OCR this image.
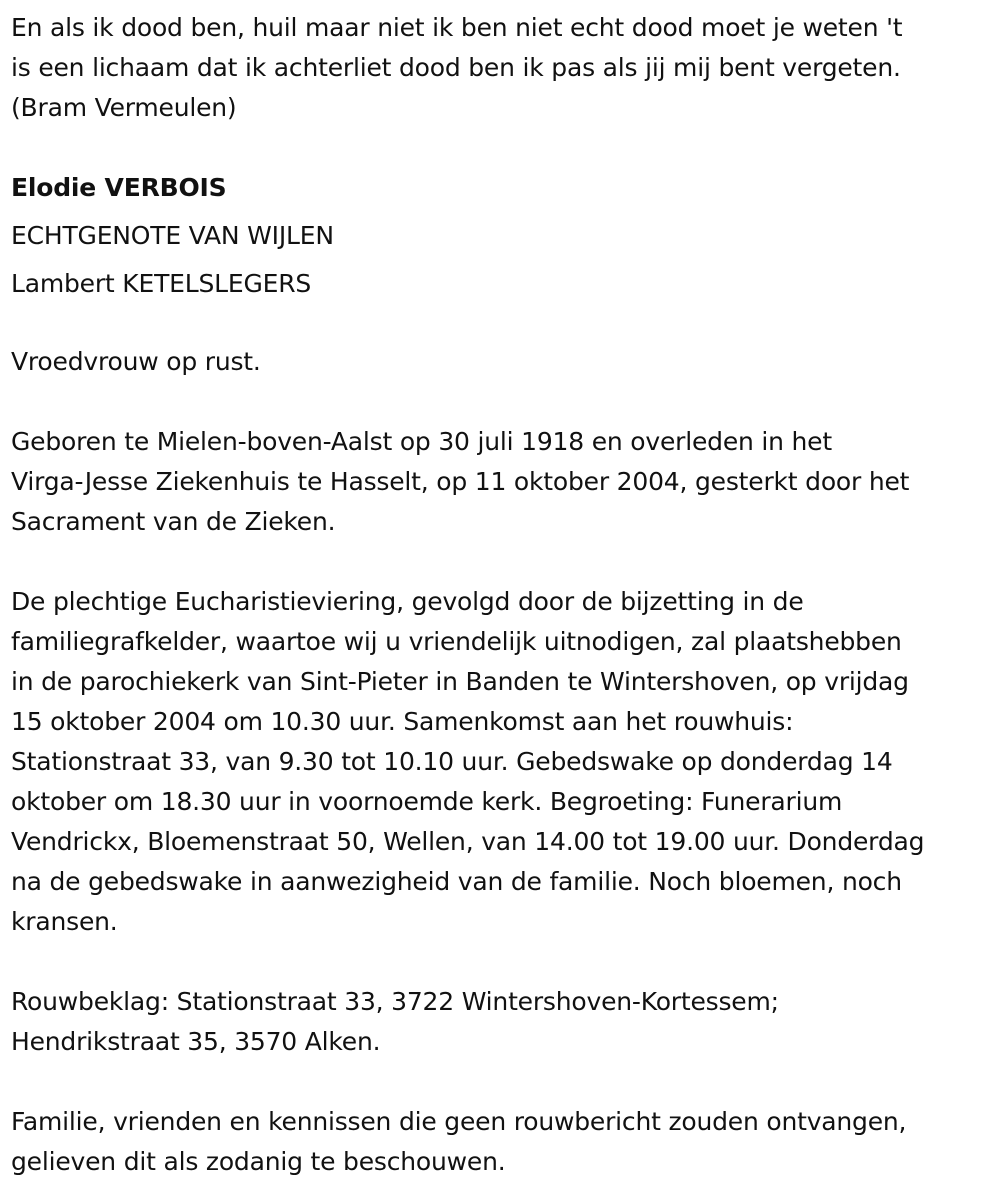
En als ik dood ben, huil maar niet ik ben niet echt dood moet je weten 't

is een lichaam dat ik achterliet dood ben ik pas als jij mij bent vergeten.

(Bram Vermeulen)

Elodie VERBOIS

ECHTGENOTE VAN WIJLEN

Lambert KETELSLEGERS

Vroedvrouw op rust.

Geboren te Mielen-boven-Aalst op 30 juli 1918 en overleden in het

Virga-Jesse Ziekenhuis te Hasselt, op 11 oktober 2004, gesterkt door het

Sacrament van de Zieken.

De plechtige Eucharistieviering, gevolgd door de bijzetting in de

familiegrafkelder, waartoe wij u vriendelijk uitnodigen, zal plaatshebben

in de parochiekerk van Sint-Pieter in Banden te Wintershoven, op vrijdag

15 oktober 2004 om 10.30 uur. Samenkomst aan het rouwhuis:

Stationstraat 33, van 9.30 tot 10.10 uur. Gebedswake op donderdag 14

oktober om 18.30 uur in voornoemde kerk. Begroeting: Funerarium

Vendrickx, Bloemenstraat 50, Wellen, van 14.00 tot 19.00 uur. Donderdag

na de gebedswake in aanwezigheid van de familie. Noch bloemen, noch

kransen.

Rouwbeklag: Stationstraat 33, 3722 Wintershoven-Kortessem;

Hendrikstraat 35, 3570 Alken.

Familie, vrienden en kennissen die geen rouwbericht zouden ontvangen,

gelieven dit als zodanig te beschouwen.
